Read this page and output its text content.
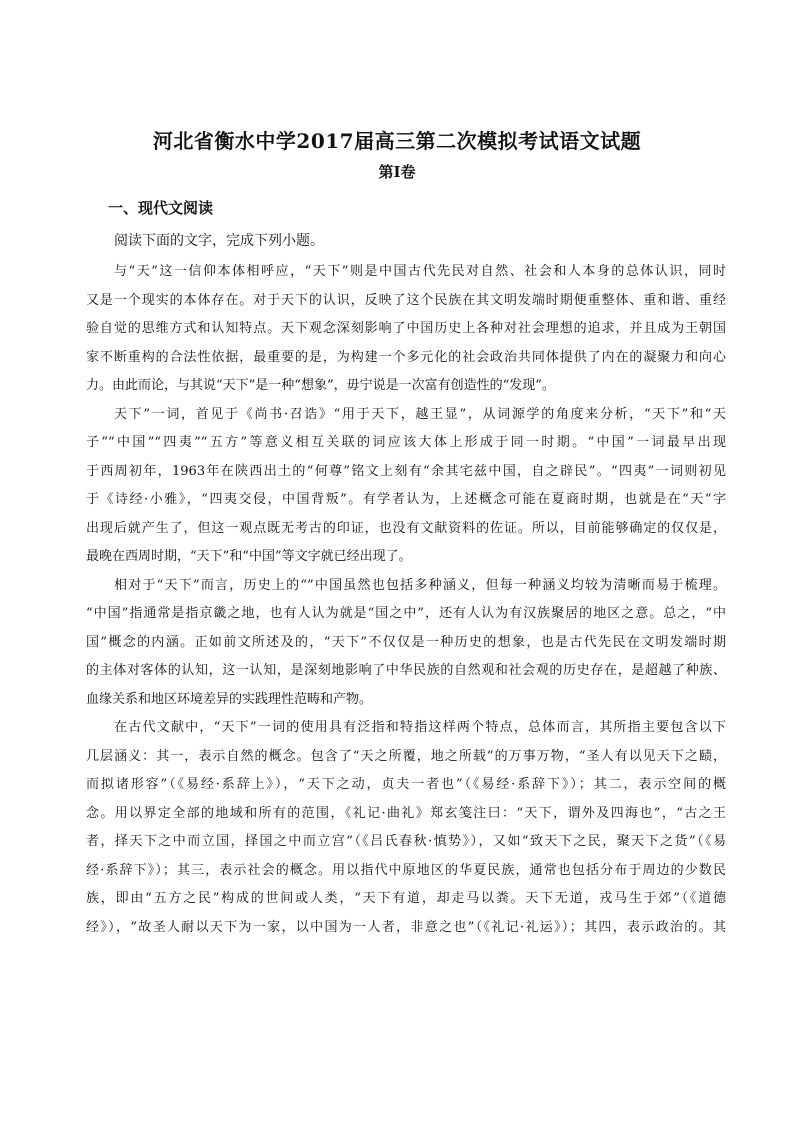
河北省衡水中学2017届高三第二次模拟考试语文试题
第Ⅰ卷
一、现代文阅读
阅读下面的文字，完成下列小题。
与“天”这一信仰本体相呼应，“天下”则是中国古代先民对自然、社会和人本身的总体认识，同时
又是一个现实的本体存在。对于天下的认识，反映了这个民族在其文明发端时期便重整体、重和谐、重经
验自觉的思维方式和认知特点。天下观念深刻影响了中国历史上各种对社会理想的追求，并且成为王朝国
家不断重构的合法性依据，最重要的是，为构建一个多元化的社会政治共同体提供了内在的凝聚力和向心
力。由此而论，与其说“天下”是一种“想象”，毋宁说是一次富有创造性的“发现”。
天下”一词，首见于《尚书·召诰》“用于天下，越王显”，从词源学的角度来分析，“天下”和“天
子”“中国”“四夷”“五方”等意义相互关联的词应该大体上形成于同一时期。“中国”一词最早出现
于西周初年，1963年在陕西出土的“何尊”铭文上刻有“余其宅兹中国，自之辟民”。“四夷”一词则初见
于《诗经·小雅》，“四夷交侵，中国背叛”。有学者认为，上述概念可能在夏商时期，也就是在“天”字
出现后就产生了，但这一观点既无考古的印证，也没有文献资料的佐证。所以，目前能够确定的仅仅是，
最晚在西周时期，“天下”和“中国”等文字就已经出现了。
相对于“天下”而言，历史上的“”中国虽然也包括多种涵义，但每一种涵义均较为清晰而易于梳理。
“中国”指通常是指京畿之地，也有人认为就是“国之中”，还有人认为有汉族聚居的地区之意。总之，“中
国”概念的内涵。正如前文所述及的，“天下”不仅仅是一种历史的想象，也是古代先民在文明发端时期
的主体对客体的认知，这一认知，是深刻地影响了中华民族的自然观和社会观的历史存在，是超越了种族、
血缘关系和地区环境差异的实践理性范畴和产物。
在古代文献中，“天下”一词的使用具有泛指和特指这样两个特点，总体而言，其所指主要包含以下
几层涵义：其一，表示自然的概念。包含了“天之所覆，地之所载”的万事万物，“圣人有以见天下之赜，
而拟诸形容”（《易经·系辞上》），“天下之动，贞夫一者也”（《易经·系辞下》）；其二，表示空间的概
念。用以界定全部的地域和所有的范围，《礼记·曲礼》郑玄笺注曰：“天下，谓外及四海也”，“古之王
者，择天下之中而立国，择国之中而立宫”（《吕氏春秋·慎势》），又如“致天下之民，聚天下之货”（《易
经·系辞下》）；其三，表示社会的概念。用以指代中原地区的华夏民族，通常也包括分布于周边的少数民
族，即由“五方之民”构成的世间或人类，“天下有道，却走马以粪。天下无道，戎马生于郊”（《道德
经》），“故圣人耐以天下为一家，以中国为一人者，非意之也”（《礼记·礼运》）；其四，表示政治的。其
